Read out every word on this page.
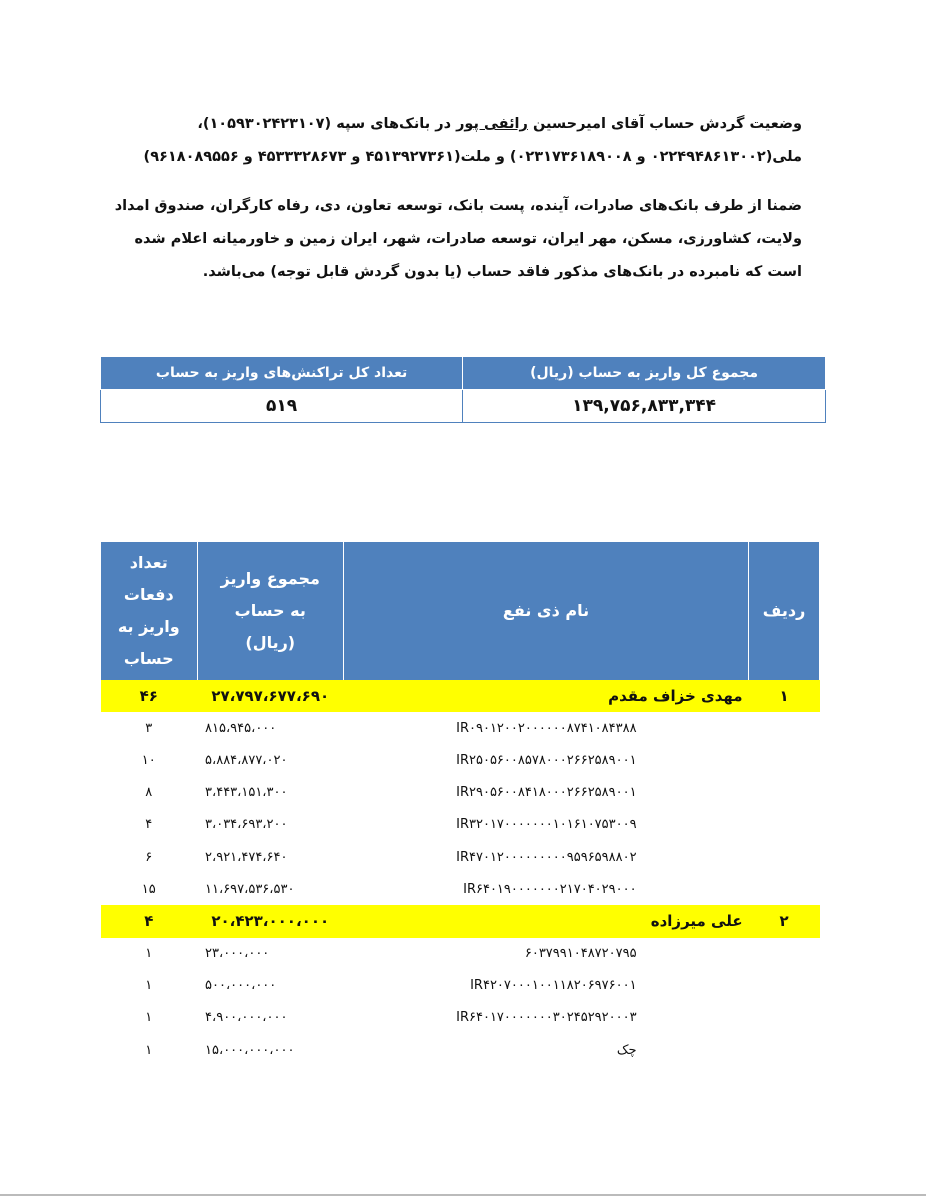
وضعیت گردش حساب آقای امیرحسین رائفی پور در بانک‌های سپه (۱۰۵۹۳۰۲۴۲۳۱۰۷)، ملی(۰۲۲۴۹۴۸۶۱۳۰۰۲ و ۰۲۳۱۷۳۶۱۸۹۰۰۸) و ملت(۴۵۱۳۹۲۷۳۶۱ و ۴۵۳۳۳۲۸۶۷۳ و ۹۶۱۸۰۸۹۵۵۶)
ضمنا از طرف بانک‌های صادرات، آینده، پست بانک، توسعه تعاون، دی، رفاه کارگران، صندوق امداد ولایت، کشاورزی، مسکن، مهر ایران، توسعه صادرات، شهر، ایران زمین و خاورمیانه اعلام شده است که نامبرده در بانک‌های مذکور فاقد حساب (یا بدون گردش قابل توجه) می‌باشد.
مجموع کل واریز به حساب (ریال)	تعداد کل تراکنش‌های واریز به حساب
۱۳۹,۷۵۶,۸۳۳,۳۴۴	۵۱۹
ردیف	نام ذی نفع	مجموع واریز به حساب (ریال)	تعداد دفعات واریز به حساب
۱	مهدی خزاف مقدم	۲۷،۷۹۷،۶۷۷،۶۹۰	۴۶
	IR۰۹۰۱۲۰۰۲۰۰۰۰۰۰۸۷۴۱۰۸۴۳۸۸	۸۱۵،۹۴۵،۰۰۰	۳
	IR۲۵۰۵۶۰۰۸۵۷۸۰۰۰۲۶۶۲۵۸۹۰۰۱	۵،۸۸۴،۸۷۷،۰۲۰	۱۰
	IR۲۹۰۵۶۰۰۸۴۱۸۰۰۰۲۶۶۲۵۸۹۰۰۱	۳،۴۴۳،۱۵۱،۳۰۰	۸
	IR۳۲۰۱۷۰۰۰۰۰۰۰۱۰۱۶۱۰۷۵۳۰۰۹	۳،۰۳۴،۶۹۳،۲۰۰	۴
	IR۴۷۰۱۲۰۰۰۰۰۰۰۰۰۹۵۹۶۵۹۸۸۰۲	۲،۹۲۱،۴۷۴،۶۴۰	۶
	IR۶۴۰۱۹۰۰۰۰۰۰۰۲۱۷۰۴۰۲۹۰۰۰	۱۱،۶۹۷،۵۳۶،۵۳۰	۱۵
۲	علی میرزاده	۲۰،۴۲۳،۰۰۰،۰۰۰	۴
	۶۰۳۷۹۹۱۰۴۸۷۲۰۷۹۵	۲۳،۰۰۰،۰۰۰	۱
	IR۴۲۰۷۰۰۰۱۰۰۱۱۸۲۰۶۹۷۶۰۰۱	۵۰۰،۰۰۰،۰۰۰	۱
	IR۶۴۰۱۷۰۰۰۰۰۰۰۳۰۲۴۵۲۹۲۰۰۰۳	۴،۹۰۰،۰۰۰،۰۰۰	۱
	چک	۱۵،۰۰۰،۰۰۰،۰۰۰	۱
